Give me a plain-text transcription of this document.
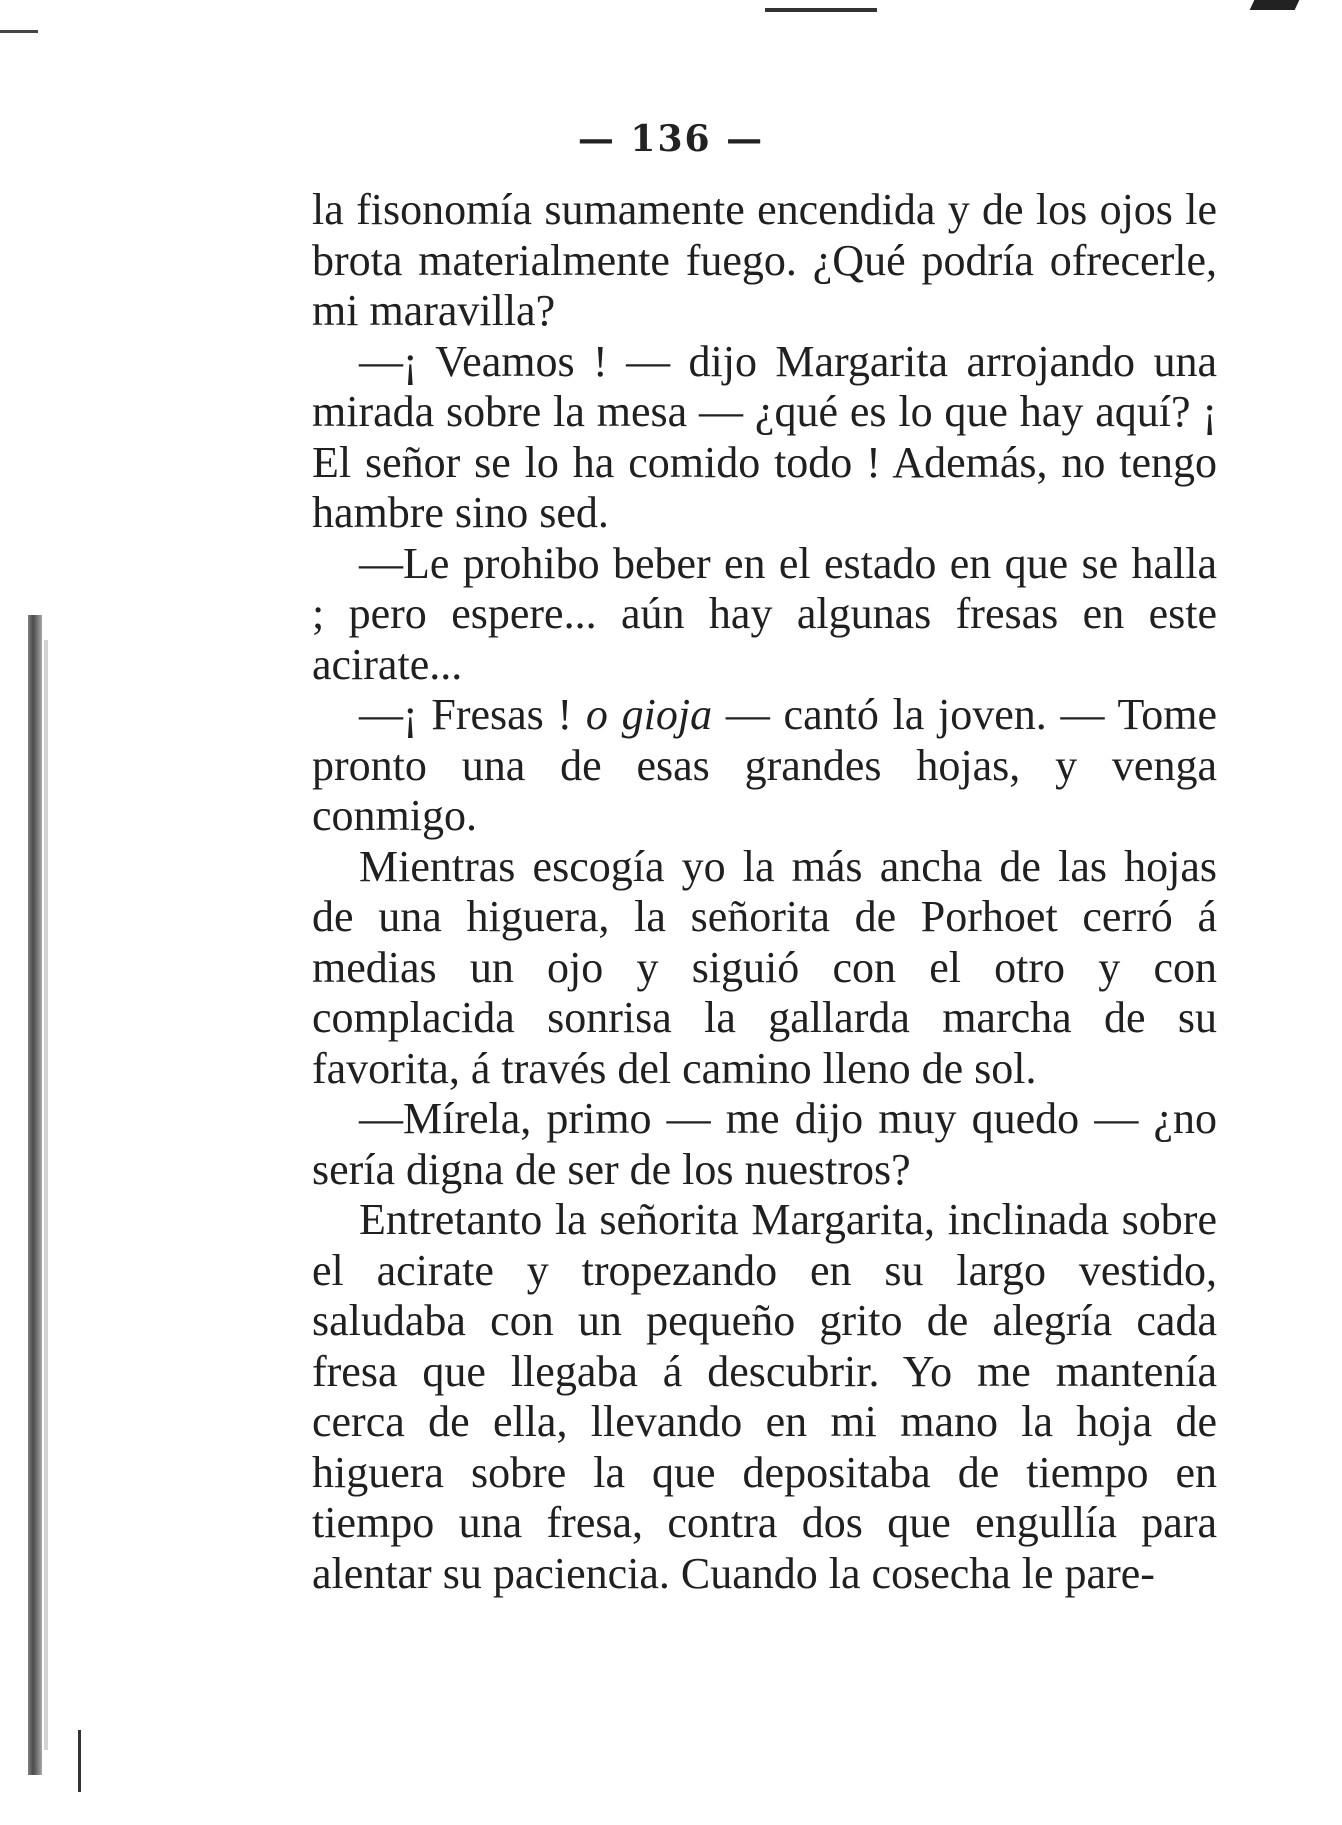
— 136 —

la fisonomía sumamente encendida y de los ojos le brota materialmente fuego. ¿Qué podría ofrecerle, mi maravilla?

—¡ Veamos ! — dijo Margarita arrojando una mirada sobre la mesa — ¿qué es lo que hay aquí? ¡ El señor se lo ha comido todo ! Además, no tengo hambre sino sed.

—Le prohibo beber en el estado en que se halla ; pero espere... aún hay algunas fresas en este acirate...

—¡ Fresas ! o gioja — cantó la joven. — Tome pronto una de esas grandes hojas, y venga conmigo.

Mientras escogía yo la más ancha de las hojas de una higuera, la señorita de Porhoet cerró á medias un ojo y siguió con el otro y con complacida sonrisa la gallarda marcha de su favorita, á través del camino lleno de sol.

—Mírela, primo — me dijo muy quedo — ¿no sería digna de ser de los nuestros?

Entretanto la señorita Margarita, inclinada sobre el acirate y tropezando en su largo vestido, saludaba con un pequeño grito de alegría cada fresa que llegaba á descubrir. Yo me mantenía cerca de ella, llevando en mi mano la hoja de higuera sobre la que depositaba de tiempo en tiempo una fresa, contra dos que engullía para alentar su paciencia. Cuando la cosecha le pare-
